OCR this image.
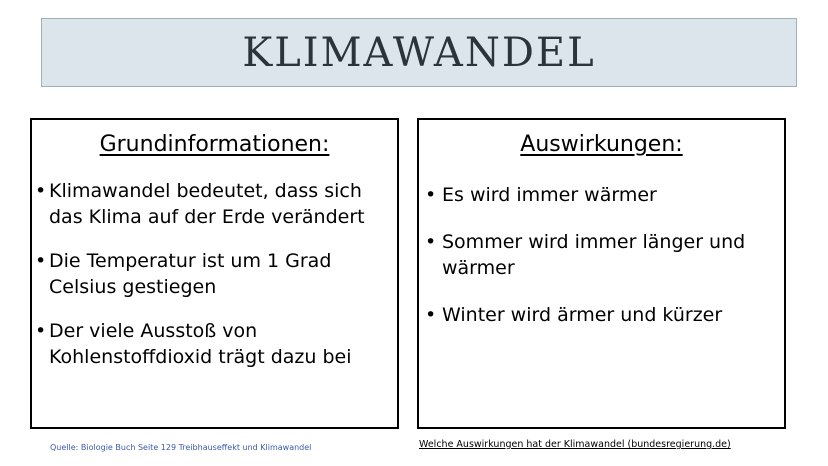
KLIMAWANDEL
Grundinformationen:
• Klimawandel bedeutet, dass sich das Klima auf der Erde verändert
• Die Temperatur ist um 1 Grad Celsius gestiegen
• Der viele Ausstoß von Kohlenstoffdioxid trägt dazu bei
Auswirkungen:
• Es wird immer wärmer
• Sommer wird immer länger und wärmer
• Winter wird ärmer und kürzer
Quelle: Biologie Buch Seite 129 Treibhauseffekt und Klimawandel	Welche Auswirkungen hat der Klimawandel (bundesregierung.de)
